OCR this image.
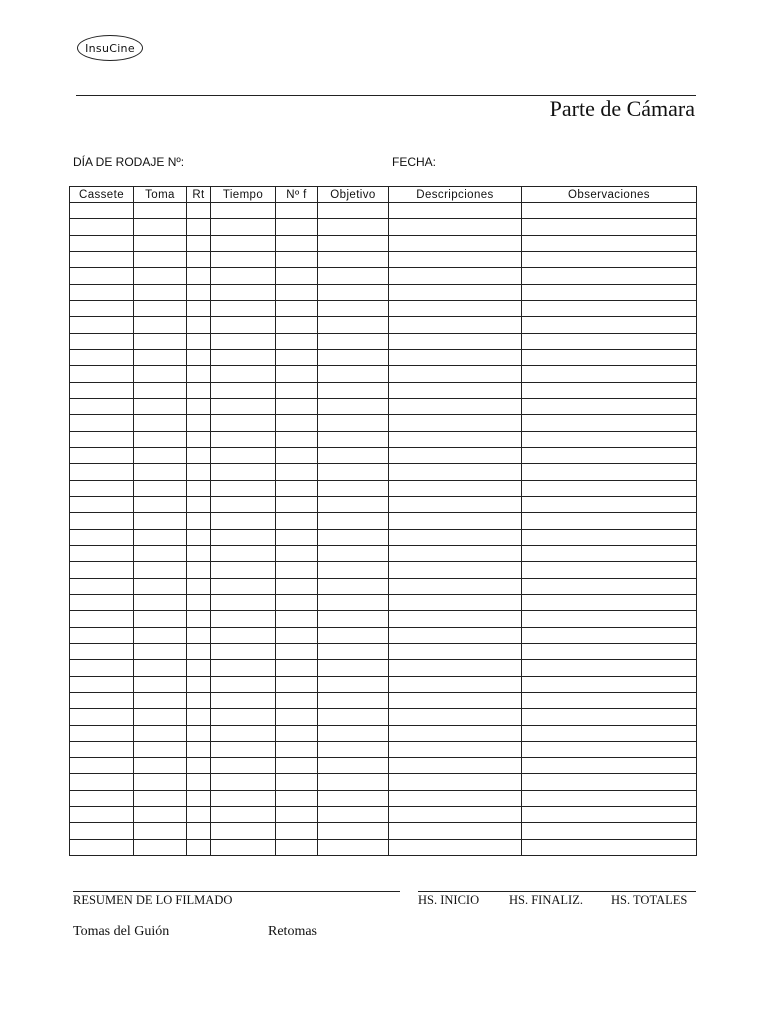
InsuCine
Parte de Cámara
DÍA DE RODAJE Nº:	FECHA:
Cassete	Toma	Rt	Tiempo	Nº f	Objetivo	Descripciones	Observaciones

RESUMEN DE LO FILMADO	HS. INICIO HS. FINALIZ. HS. TOTALES
Tomas del Guión	Retomas
